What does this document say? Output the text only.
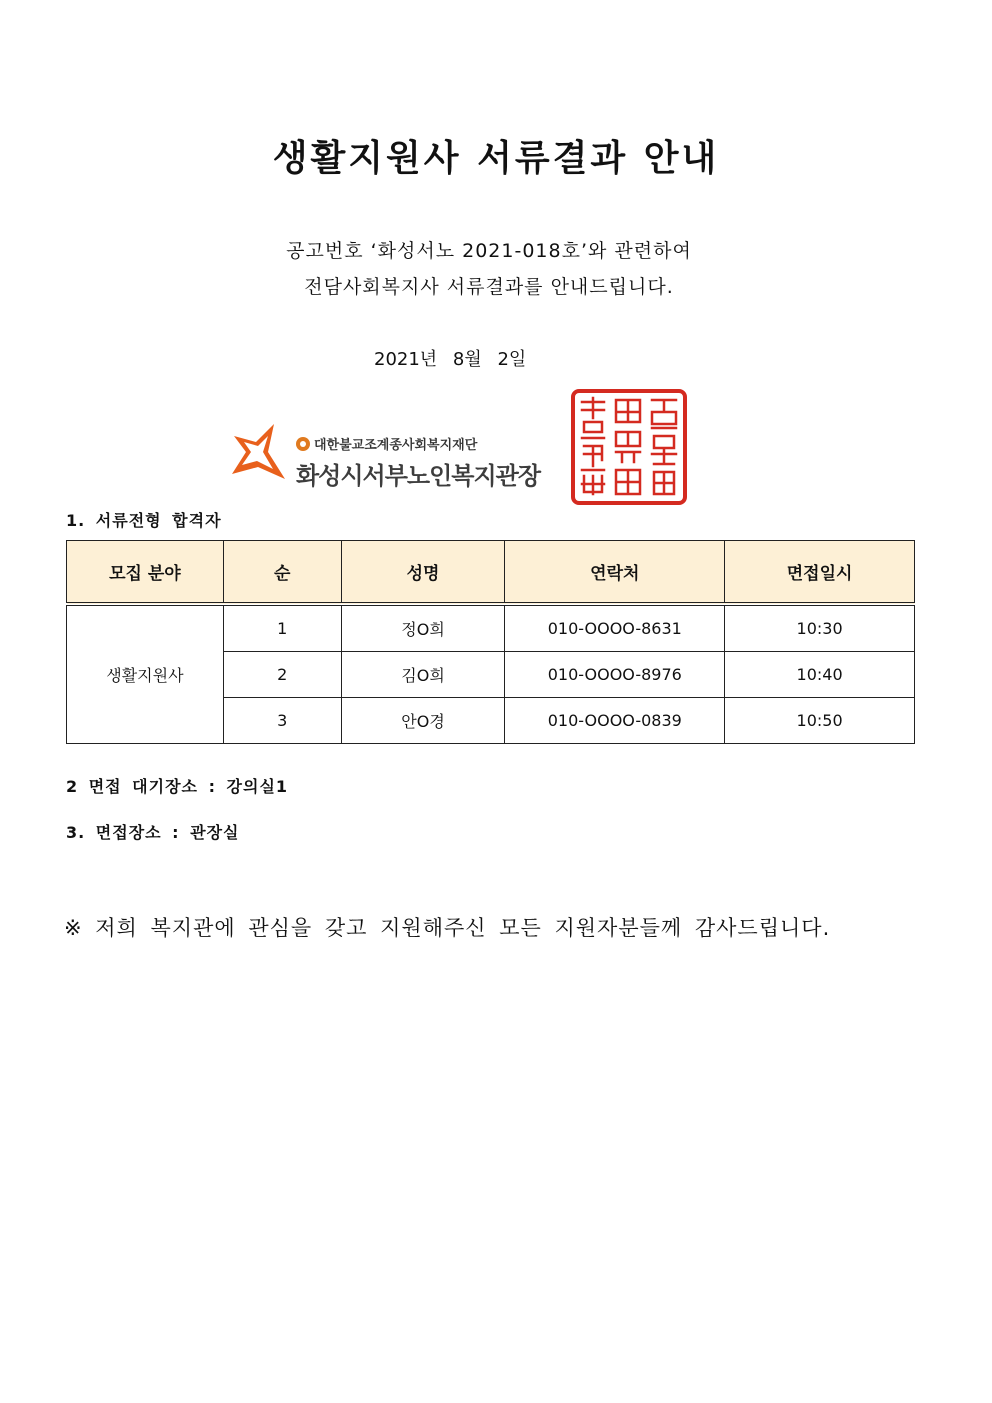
생활지원사 서류결과 안내
공고번호 ‘화성서노 2021-018호’와 관련하여
전담사회복지사 서류결과를 안내드립니다.
2021년 8월 2일
대한불교조계종사회복지재단
화성시서부노인복지관장
1. 서류전형 합격자
모집 분야	순	성명	연락처	면접일시
생활지원사	1	정O희	010-OOOO-8631	10:30
	2	김O희	010-OOOO-8976	10:40
	3	안O경	010-OOOO-0839	10:50
2 면접 대기장소 : 강의실1
3. 면접장소 : 관장실
※ 저희 복지관에 관심을 갖고 지원해주신 모든 지원자분들께 감사드립니다.
